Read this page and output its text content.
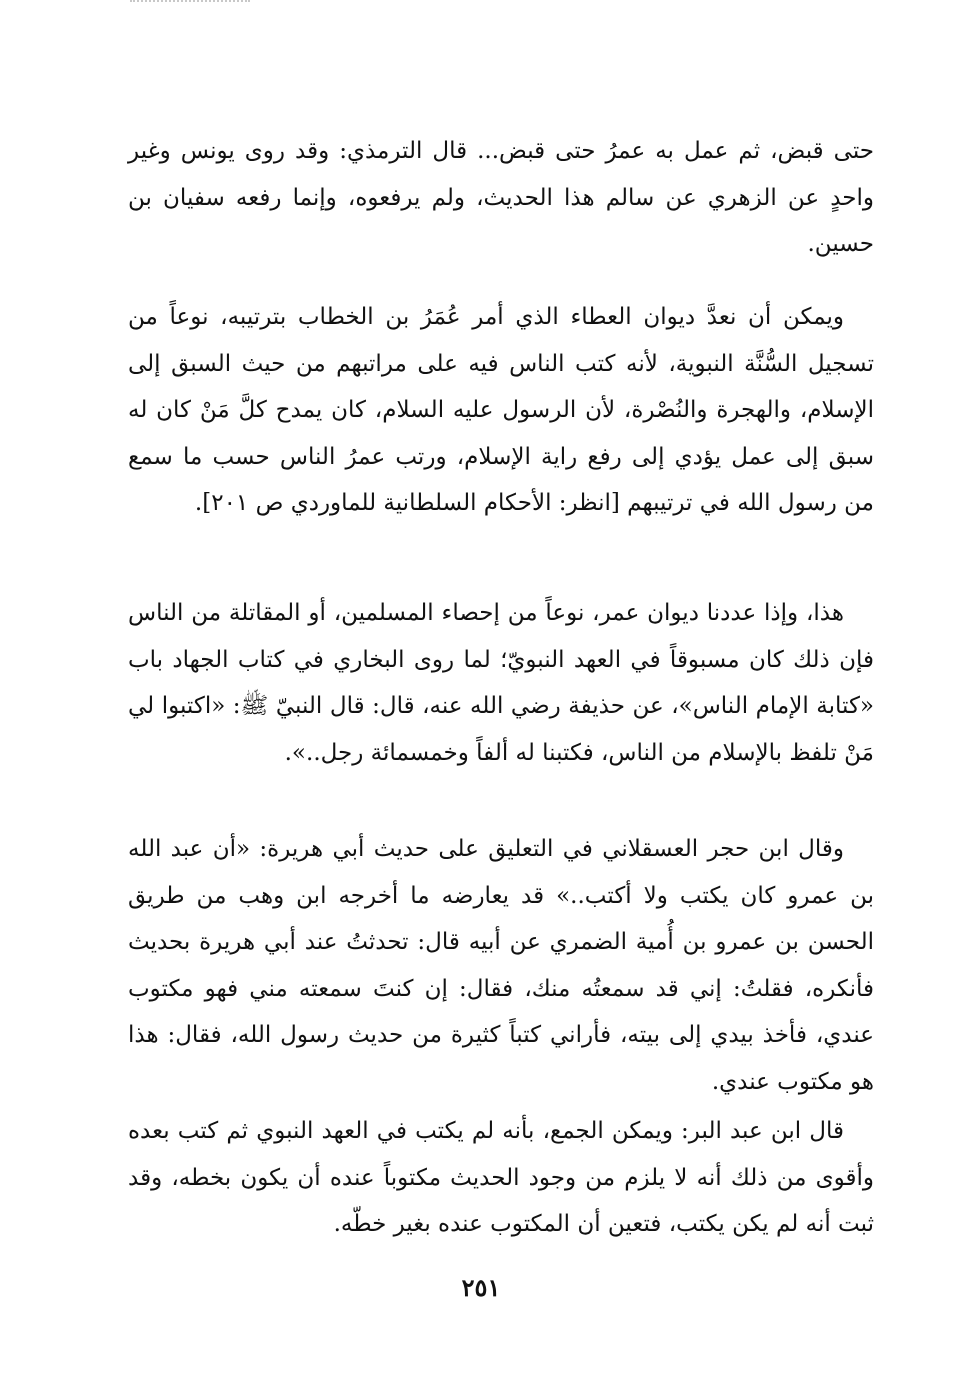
حتى قبض، ثم عمل به عمرُ حتى قبض... قال الترمذي: وقد روى يونس وغير واحدٍ عن الزهري عن سالم هذا الحديث، ولم يرفعوه، وإنما رفعه سفيان بن حسين.

ويمكن أن نعدَّ ديوان العطاء الذي أمر عُمَرُ بن الخطاب بترتيبه، نوعاً من تسجيل السُّنَّة النبوية، لأنه كتب الناس فيه على مراتبهم من حيث السبق إلى الإسلام، والهجرة والنُصْرة، لأن الرسول عليه السلام، كان يمدح كلَّ مَنْ كان له سبق إلى عمل يؤدي إلى رفع راية الإسلام، ورتب عمرُ الناس حسب ما سمع من رسول الله في ترتيبهم [انظر: الأحكام السلطانية للماوردي ص ٢٠١].

هذا، وإذا عددنا ديوان عمر، نوعاً من إحصاء المسلمين، أو المقاتلة من الناس فإن ذلك كان مسبوقاً في العهد النبويّ؛ لما روى البخاري في كتاب الجهاد باب «كتابة الإمام الناس»، عن حذيفة رضي الله عنه، قال: قال النبيّ ﷺ: «اكتبوا لي مَنْ تلفظ بالإسلام من الناس، فكتبنا له ألفاً وخمسمائة رجل..».

وقال ابن حجر العسقلاني في التعليق على حديث أبي هريرة: «أن عبد الله بن عمرو كان يكتب ولا أكتب..» قد يعارضه ما أخرجه ابن وهب من طريق الحسن بن عمرو بن أُمية الضمري عن أبيه قال: تحدثتُ عند أبي هريرة بحديث فأنكره، فقلتُ: إني قد سمعتُه منك، فقال: إن كنتَ سمعته مني فهو مكتوب عندي، فأخذ بيدي إلى بيته، فأراني كتباً كثيرة من حديث رسول الله، فقال: هذا هو مكتوب عندي.

قال ابن عبد البر: ويمكن الجمع، بأنه لم يكتب في العهد النبوي ثم كتب بعده وأقوى من ذلك أنه لا يلزم من وجود الحديث مكتوباً عنده أن يكون بخطه، وقد ثبت أنه لم يكن يكتب، فتعين أن المكتوب عنده بغير خطّه.

٢٥١
